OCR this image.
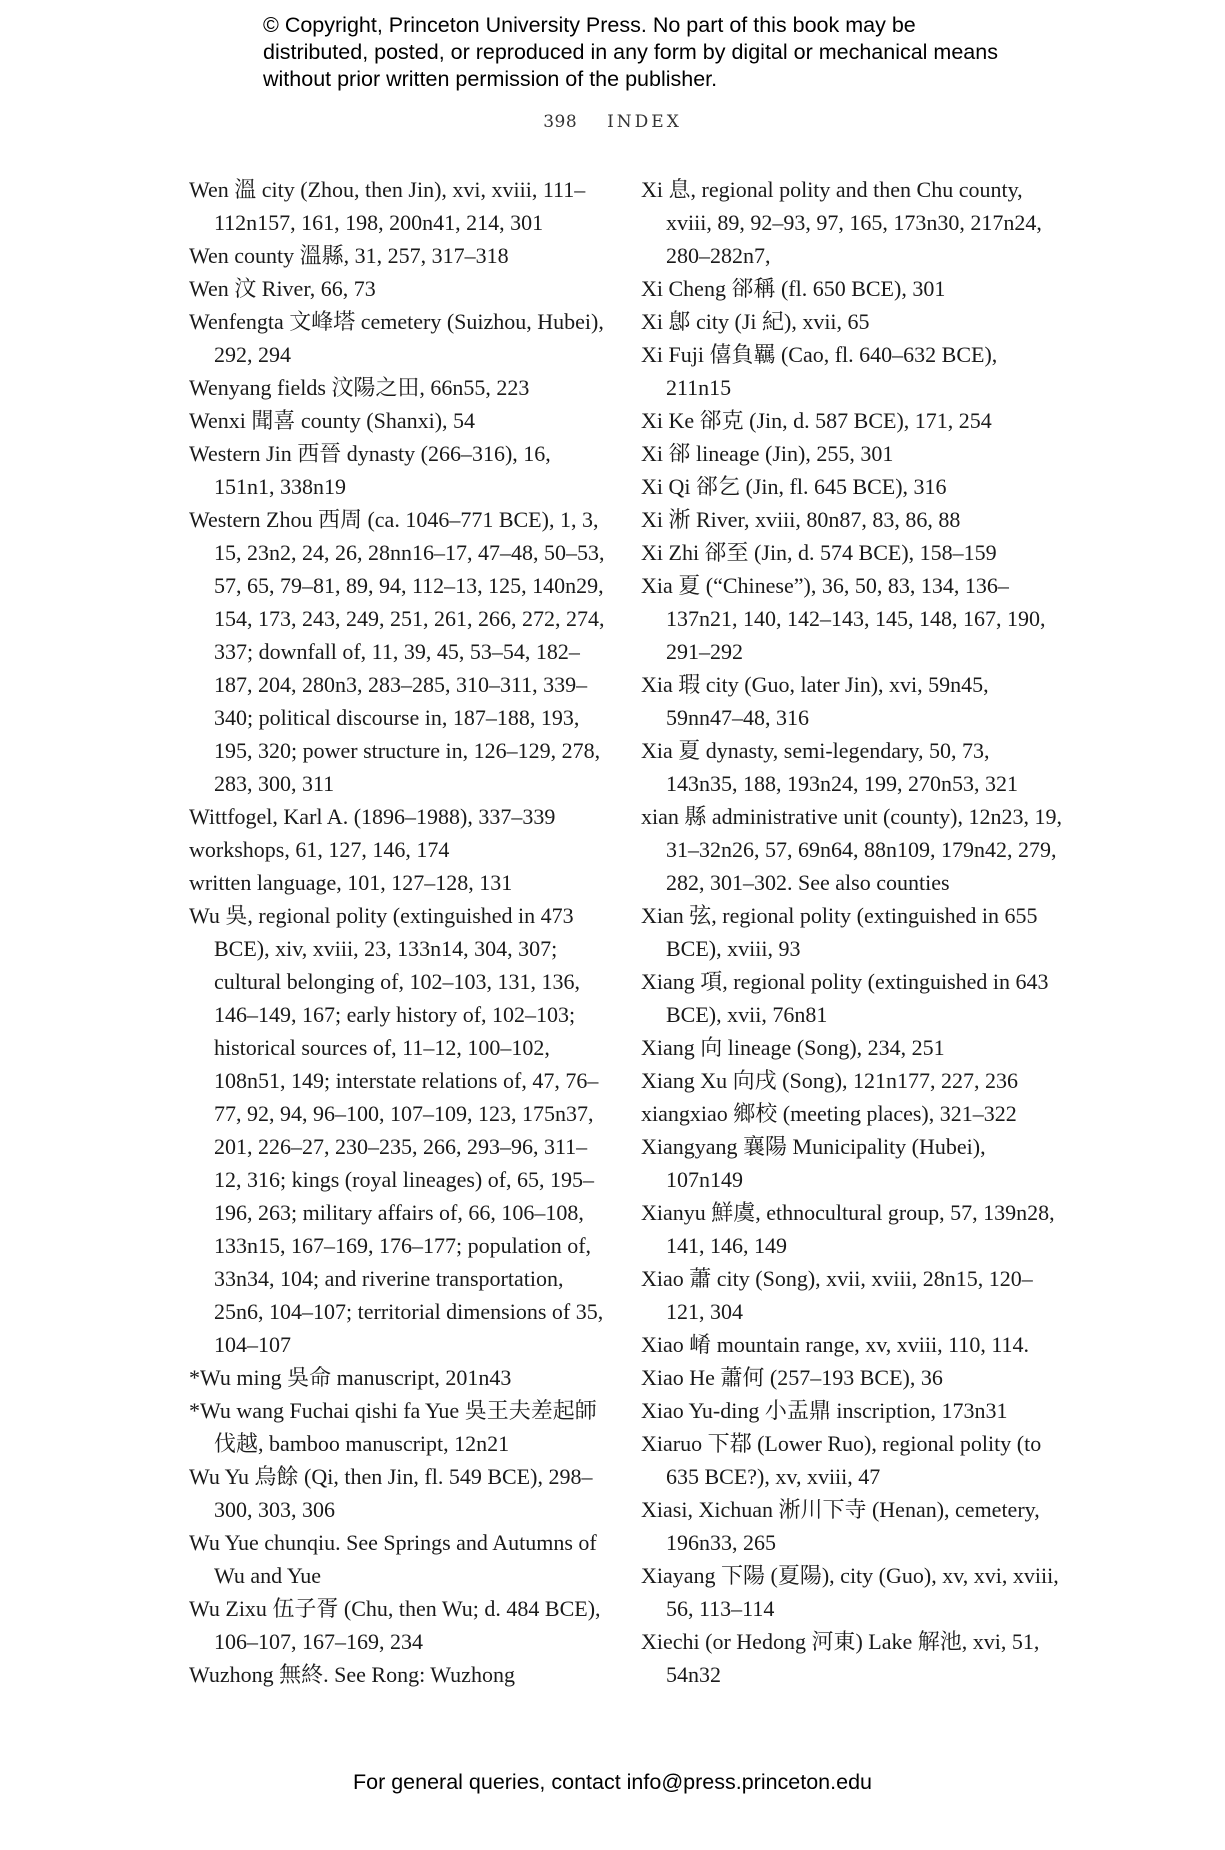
© Copyright, Princeton University Press. No part of this book may be distributed, posted, or reproduced in any form by digital or mechanical means without prior written permission of the publisher.
398 INDEX
Wen 溫 city (Zhou, then Jin), xvi, xviii, 111–112n157, 161, 198, 200n41, 214, 301
Wen county 溫縣, 31, 257, 317–318
Wen 汶 River, 66, 73
Wenfengta 文峰塔 cemetery (Suizhou, Hubei), 292, 294
Wenyang fields 汶陽之田, 66n55, 223
Wenxi 聞喜 county (Shanxi), 54
Western Jin 西晉 dynasty (266–316), 16, 151n1, 338n19
Western Zhou 西周 (ca. 1046–771 BCE), 1, 3, 15, 23n2, 24, 26, 28nn16–17, 47–48, 50–53, 57, 65, 79–81, 89, 94, 112–13, 125, 140n29, 154, 173, 243, 249, 251, 261, 266, 272, 274, 337; downfall of, 11, 39, 45, 53–54, 182–187, 204, 280n3, 283–285, 310–311, 339–340; political discourse in, 187–188, 193, 195, 320; power structure in, 126–129, 278, 283, 300, 311
Wittfogel, Karl A. (1896–1988), 337–339
workshops, 61, 127, 146, 174
written language, 101, 127–128, 131
Wu 吳, regional polity (extinguished in 473 BCE), xiv, xviii, 23, 133n14, 304, 307; cultural belonging of, 102–103, 131, 136, 146–149, 167; early history of, 102–103; historical sources of, 11–12, 100–102, 108n51, 149; interstate relations of, 47, 76–77, 92, 94, 96–100, 107–109, 123, 175n37, 201, 226–27, 230–235, 266, 293–96, 311–12, 316; kings (royal lineages) of, 65, 195–196, 263; military affairs of, 66, 106–108, 133n15, 167–169, 176–177; population of, 33n34, 104; and riverine transportation, 25n6, 104–107; territorial dimensions of 35, 104–107
*Wu ming 吳命 manuscript, 201n43
*Wu wang Fuchai qishi fa Yue 吳王夫差起師伐越, bamboo manuscript, 12n21
Wu Yu 烏餘 (Qi, then Jin, fl. 549 BCE), 298–300, 303, 306
Wu Yue chunqiu. See Springs and Autumns of Wu and Yue
Wu Zixu 伍子胥 (Chu, then Wu; d. 484 BCE), 106–107, 167–169, 234
Wuzhong 無終. See Rong: Wuzhong
Xi 息, regional polity and then Chu county, xviii, 89, 92–93, 97, 165, 173n30, 217n24, 280–282n7,
Xi Cheng 郤稱 (fl. 650 BCE), 301
Xi 鄎 city (Ji 紀), xvii, 65
Xi Fuji 僖負羈 (Cao, fl. 640–632 BCE), 211n15
Xi Ke 郤克 (Jin, d. 587 BCE), 171, 254
Xi 郤 lineage (Jin), 255, 301
Xi Qi 郤乞 (Jin, fl. 645 BCE), 316
Xi 淅 River, xviii, 80n87, 83, 86, 88
Xi Zhi 郤至 (Jin, d. 574 BCE), 158–159
Xia 夏 (“Chinese”), 36, 50, 83, 134, 136–137n21, 140, 142–143, 145, 148, 167, 190, 291–292
Xia 瑕 city (Guo, later Jin), xvi, 59n45, 59nn47–48, 316
Xia 夏 dynasty, semi-legendary, 50, 73, 143n35, 188, 193n24, 199, 270n53, 321
xian 縣 administrative unit (county), 12n23, 19, 31–32n26, 57, 69n64, 88n109, 179n42, 279, 282, 301–302. See also counties
Xian 弦, regional polity (extinguished in 655 BCE), xviii, 93
Xiang 項, regional polity (extinguished in 643 BCE), xvii, 76n81
Xiang 向 lineage (Song), 234, 251
Xiang Xu 向戌 (Song), 121n177, 227, 236
xiangxiao 鄉校 (meeting places), 321–322
Xiangyang 襄陽 Municipality (Hubei), 107n149
Xianyu 鮮虞, ethnocultural group, 57, 139n28, 141, 146, 149
Xiao 蕭 city (Song), xvii, xviii, 28n15, 120–121, 304
Xiao 崤 mountain range, xv, xviii, 110, 114.
Xiao He 蕭何 (257–193 BCE), 36
Xiao Yu-ding 小盂鼎 inscription, 173n31
Xiaruo 下鄀 (Lower Ruo), regional polity (to 635 BCE?), xv, xviii, 47
Xiasi, Xichuan 淅川下寺 (Henan), cemetery, 196n33, 265
Xiayang 下陽 (夏陽), city (Guo), xv, xvi, xviii, 56, 113–114
Xiechi (or Hedong 河東) Lake 解池, xvi, 51, 54n32
For general queries, contact info@press.princeton.edu
